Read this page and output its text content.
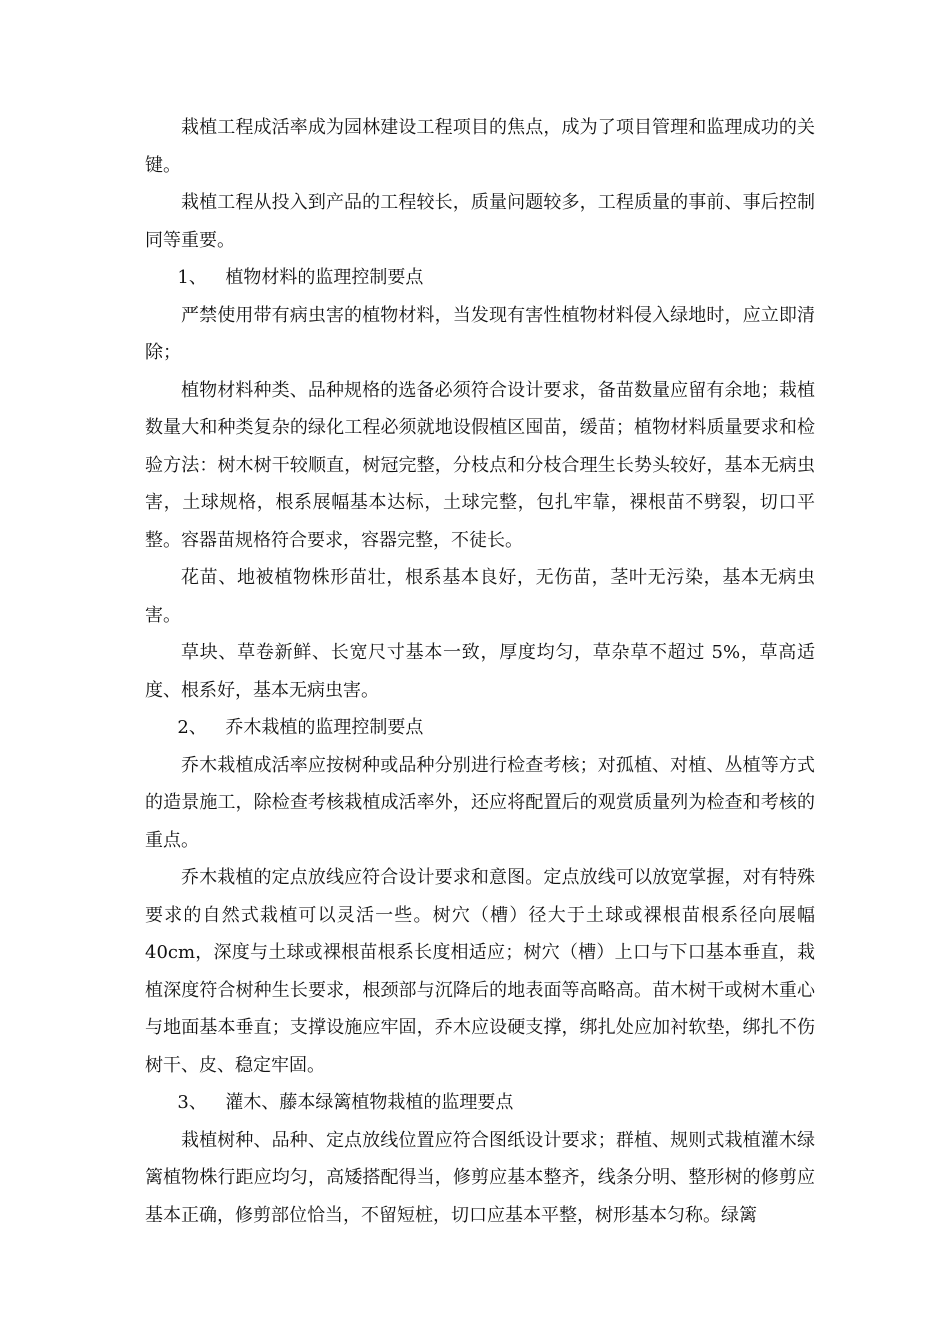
栽植工程成活率成为园林建设工程项目的焦点，成为了项目管理和监理成功的关键。

栽植工程从投入到产品的工程较长，质量问题较多，工程质量的事前、事后控制同等重要。

1、 植物材料的监理控制要点

严禁使用带有病虫害的植物材料，当发现有害性植物材料侵入绿地时，应立即清除；

植物材料种类、品种规格的选备必须符合设计要求，备苗数量应留有余地；栽植数量大和种类复杂的绿化工程必须就地设假植区囤苗，缓苗；植物材料质量要求和检验方法：树木树干较顺直，树冠完整，分枝点和分枝合理生长势头较好，基本无病虫害，土球规格，根系展幅基本达标，土球完整，包扎牢靠，裸根苗不劈裂，切口平整。容器苗规格符合要求，容器完整，不徒长。

花苗、地被植物株形苗壮，根系基本良好，无伤苗，茎叶无污染，基本无病虫害。

草块、草卷新鲜、长宽尺寸基本一致，厚度均匀，草杂草不超过 5%，草高适度、根系好，基本无病虫害。

2、 乔木栽植的监理控制要点

乔木栽植成活率应按树种或品种分别进行检查考核；对孤植、对植、丛植等方式的造景施工，除检查考核栽植成活率外，还应将配置后的观赏质量列为检查和考核的重点。

乔木栽植的定点放线应符合设计要求和意图。定点放线可以放宽掌握，对有特殊要求的自然式栽植可以灵活一些。树穴（槽）径大于土球或裸根苗根系径向展幅 40cm，深度与土球或裸根苗根系长度相适应；树穴（槽）上口与下口基本垂直，栽植深度符合树种生长要求，根颈部与沉降后的地表面等高略高。苗木树干或树木重心与地面基本垂直；支撑设施应牢固，乔木应设硬支撑，绑扎处应加衬软垫，绑扎不伤树干、皮、稳定牢固。

3、 灌木、藤本绿篱植物栽植的监理要点

栽植树种、品种、定点放线位置应符合图纸设计要求；群植、规则式栽植灌木绿篱植物株行距应均匀，高矮搭配得当，修剪应基本整齐，线条分明、整形树的修剪应基本正确，修剪部位恰当，不留短桩，切口应基本平整，树形基本匀称。绿篱
